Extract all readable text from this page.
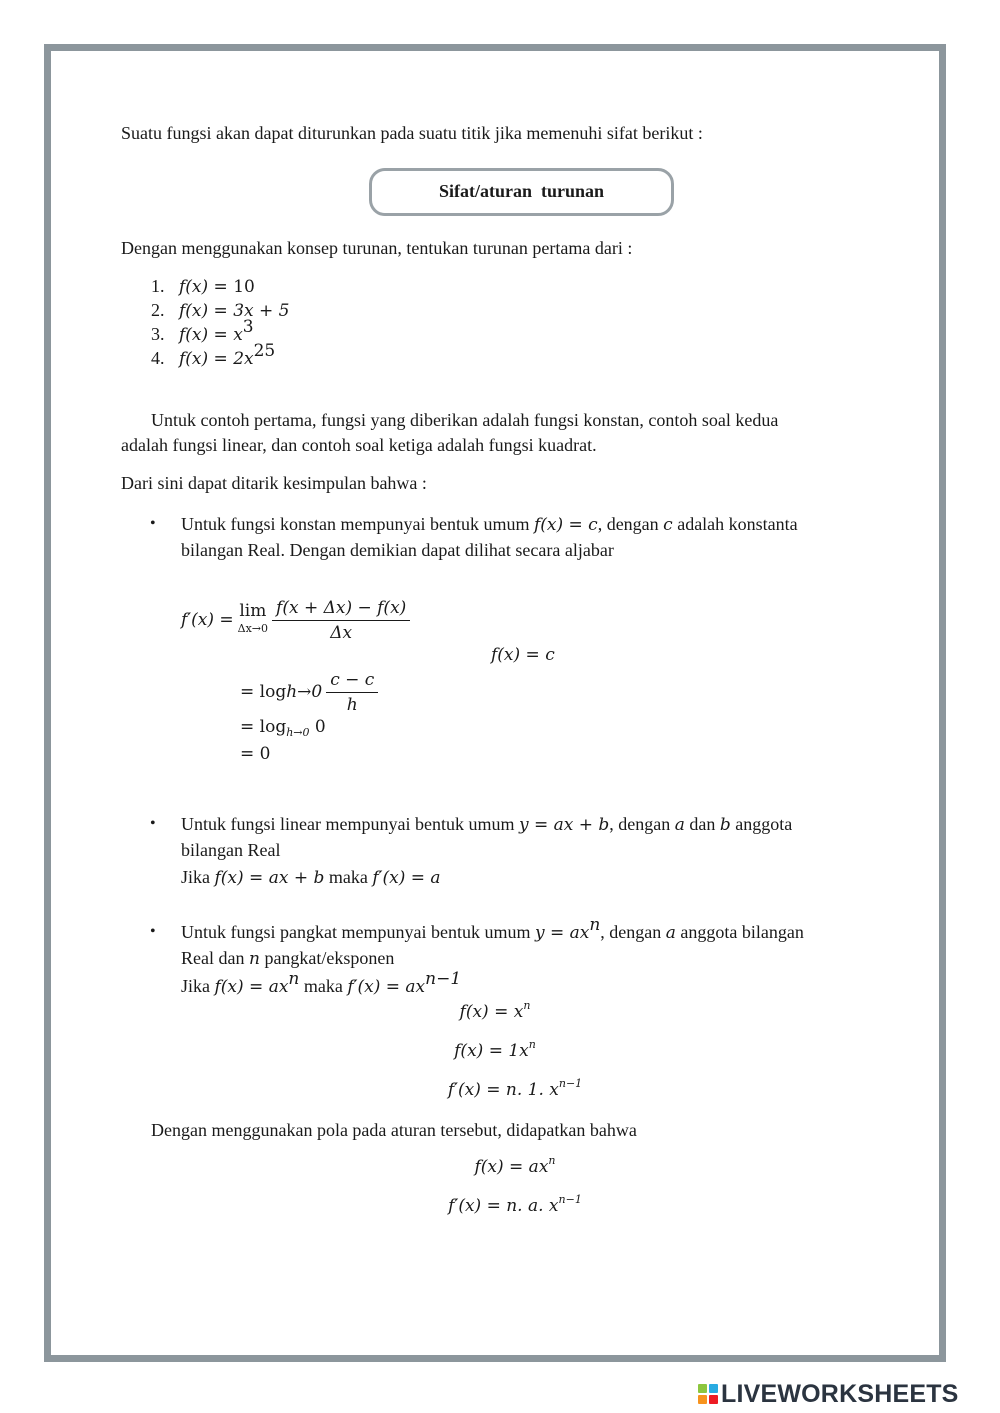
Suatu fungsi akan dapat diturunkan pada suatu titik jika memenuhi sifat berikut :
Sifat/aturan  turunan
Dengan menggunakan konsep turunan, tentukan turunan pertama dari :
1. f(x) = 10
2. f(x) = 3x + 5
3. $f(x) = x^3$
4. $f(x) = 2x^{25}$
Untuk contoh pertama, fungsi yang diberikan adalah fungsi konstan, contoh soal kedua
adalah fungsi linear, dan contoh soal ketiga adalah fungsi kuadrat.
Dari sini dapat ditarik kesimpulan bahwa :
• Untuk fungsi konstan mempunyai bentuk umum f(x) = c, dengan c adalah konstanta
bilangan Real. Dengan demikian dapat dilihat secara aljabar
f′(x) = lim
$\Delta x\to 0 \frac{f(x + \Delta x) - f(x)}{\Delta x}$
f(x) = c
= $\log h\to 0 \frac{c - c}{h}$
= $\log_{h\to 0} 0$
= 0
• Untuk fungsi linear mempunyai bentuk umum y = ax + b, dengan a dan b anggota
bilangan Real
Jika f(x) = ax + b maka f′(x) = a
• Untuk fungsi pangkat mempunyai bentuk umum $y = ax^n$, dengan a anggota bilangan
Real dan n pangkat/eksponen
Jika $f(x) = ax^n$ maka $f'(x) = ax^{n-1}$
$f(x) = x^n$
$f(x) = 1x^n$
f′(x) = n. 1. $x^{n-1}$
Dengan menggunakan pola pada aturan tersebut, didapatkan bahwa
$f(x) = ax^n$
f′(x) = n. a. $x^{n-1}$
LIVEWORKSHEETS
